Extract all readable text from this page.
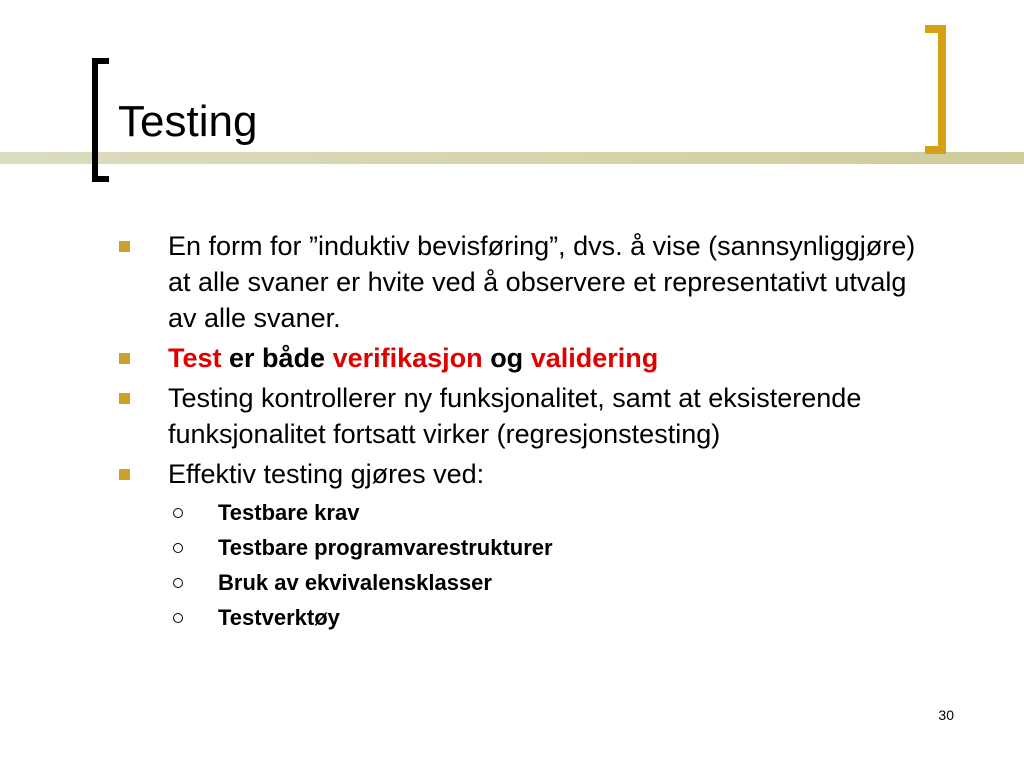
Testing
En form for ”induktiv bevisføring”, dvs. å vise (sannsynliggjøre) at alle svaner er hvite ved å observere et representativt utvalg av alle svaner.
Test er både verifikasjon og validering
Testing kontrollerer ny funksjonalitet, samt at eksisterende funksjonalitet fortsatt virker (regresjonstesting)
Effektiv testing gjøres ved:
Testbare krav
Testbare programvarestrukturer
Bruk av ekvivalensklasser
Testverktøy
30
